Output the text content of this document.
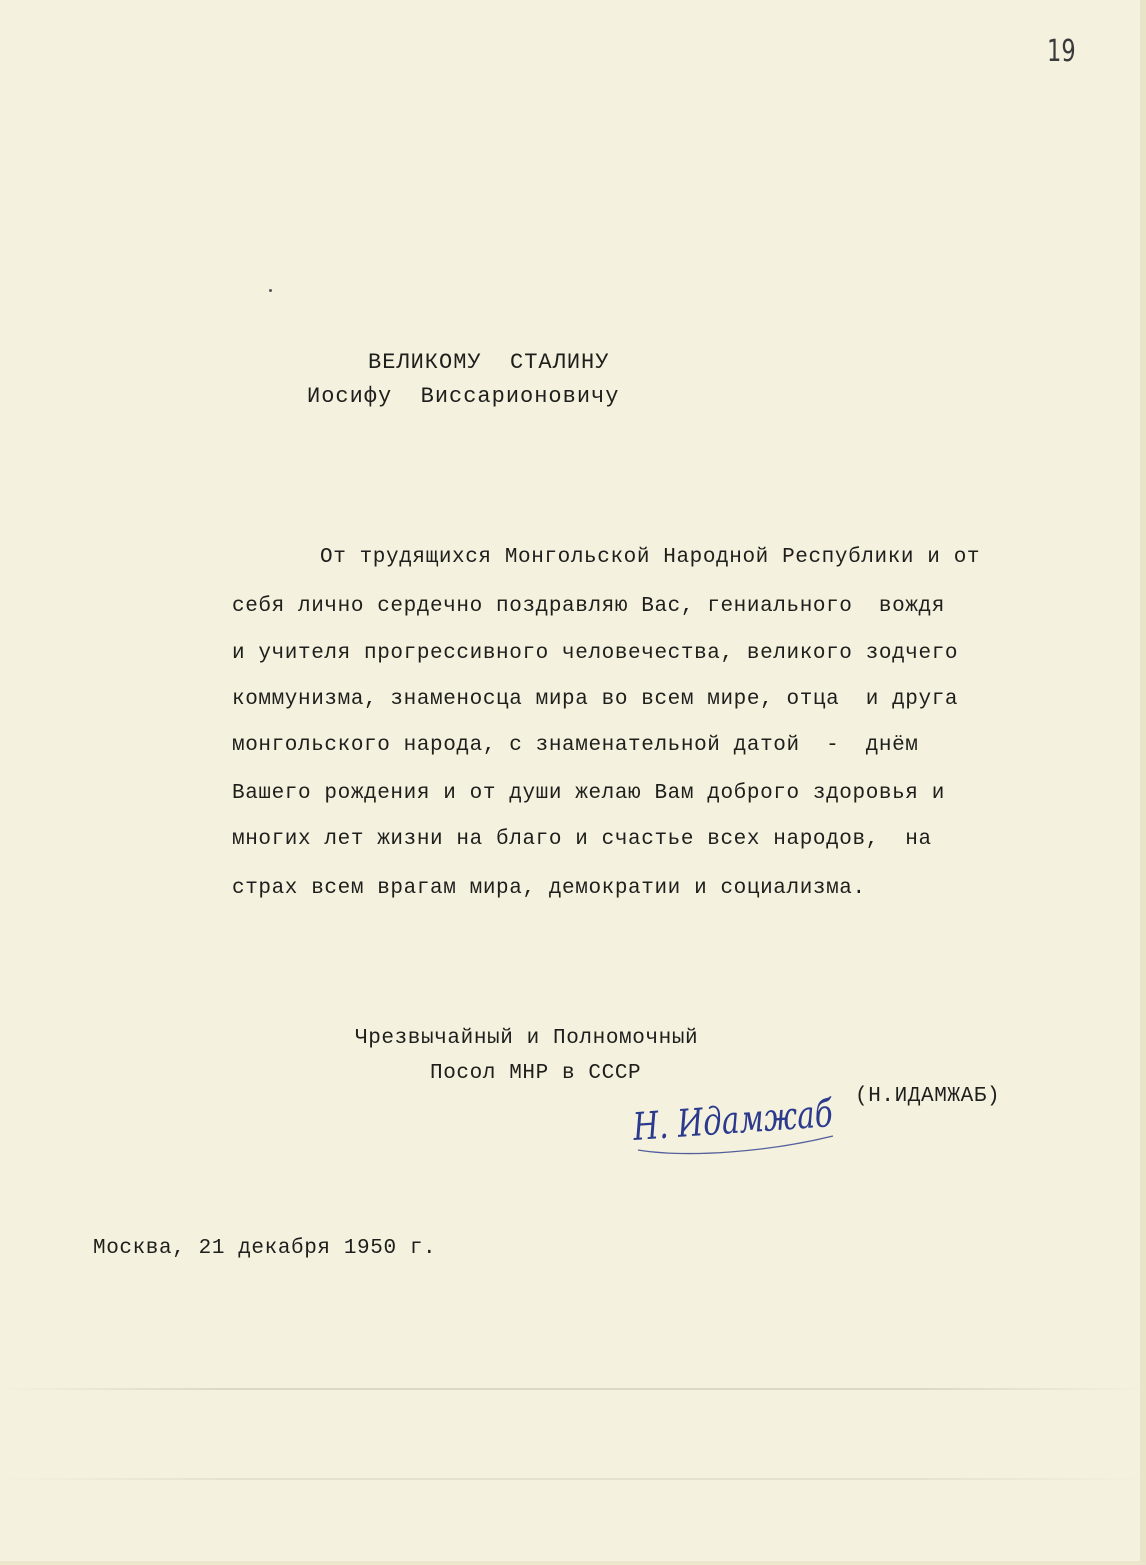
19
ВЕЛИКОМУ  СТАЛИНУ
Иосифу  Виссарионовичу
От трудящихся Монгольской Народной Республики и от
себя лично сердечно поздравляю Вас, гениального  вождя
и учителя прогрессивного человечества, великого зодчего
коммунизма, знаменосца мира во всем мире, отца  и друга
монгольского народа, с знаменательной датой  -  днём
Вашего рождения и от души желаю Вам доброго здоровья и
многих лет жизни на благо и счастье всех народов,  на
страх всем врагам мира, демократии и социализма.
Чрезвычайный и Полномочный
Посол МНР в СССР
(Н.ИДАМЖАБ)
Н. Идамжаб
Москва, 21 декабря 1950 г.
